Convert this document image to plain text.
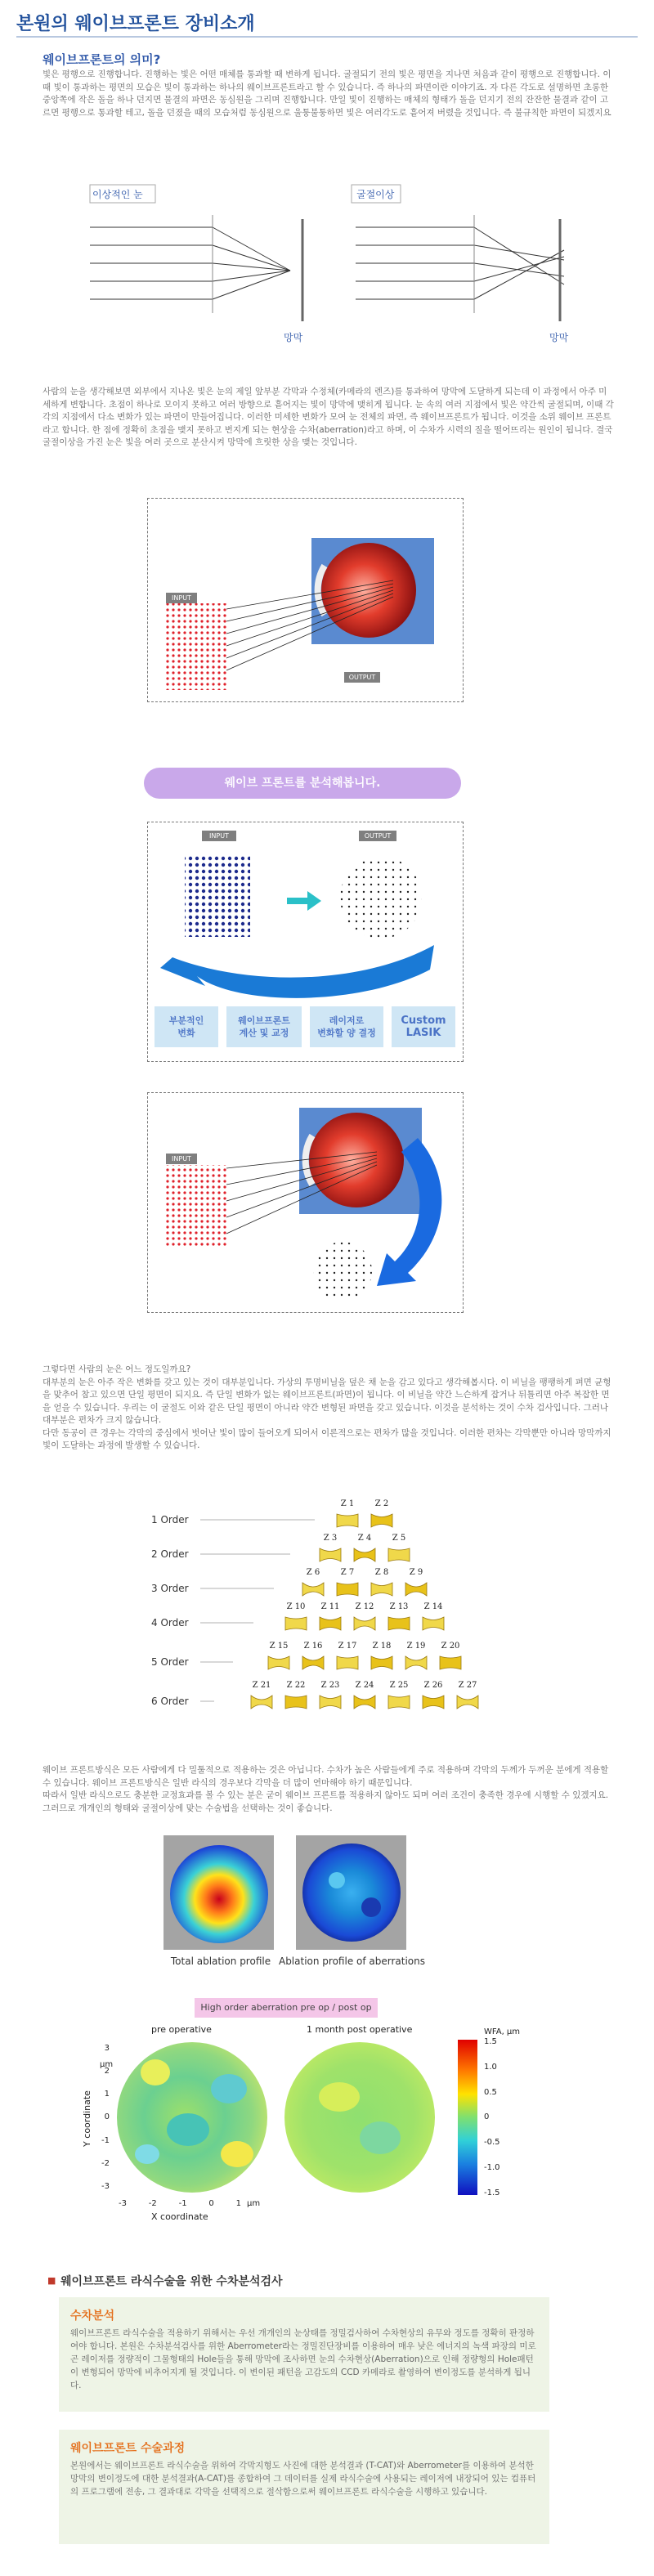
본원의 웨이브프론트 장비소개
웨이브프론트의 의미?
빛은 평행으로 진행합니다. 진행하는 빛은 어떤 매체를 통과할 때 변하게 됩니다. 굴절되기 전의 빛은 평면을 지나면 처음과 같이 평행으로 진행합니다. 이때 빛이 통과하는 평면의 모습은 빛이 통과하는 하나의 웨이브프론트라고 할 수 있습니다. 즉 하나의 파면이란 이야기죠. 자 다른 각도로 설명하면 초롱한 중앙쪽에 작은 돌을 하나 던지면 물결의 파면은 동심원을 그리며 진행합니다. 만일 빛이 진행하는 매체의 형태가 돌을 던지기 전의 잔잔한 물결과 같이 고르면 평행으로 통과할 테고, 돌을 던졌을 때의 모습처럼 동심원으로 울퉁불퉁하면 빛은 여러각도로 흩어져 버렸을 것입니다. 즉 불규칙한 파면이 되겠지요
이상적인 눈	굴절이상
망막	망막
사람의 눈을 생각해보면 외부에서 지나온 빛은 눈의 제일 앞부분 각막과 수정체(카메라의 렌즈)를 통과하여 망막에 도달하게 되는데 이 과정에서 아주 미세하게 변합니다. 초점이 하나로 모이지 못하고 여러 방향으로 흩어지는 빛이 망막에 맺히게 됩니다. 눈 속의 여러 지점에서 빛은 약간씩 굴절되며, 이때 각각의 지점에서 다소 변화가 있는 파면이 만들어집니다. 이러한 미세한 변화가 모여 눈 전체의 파면, 즉 웨이브프론트가 됩니다. 이것을 소위 웨이브 프론트라고 합니다. 한 점에 정확히 초점을 맺지 못하고 번지게 되는 현상을 수차(aberration)라고 하며, 이 수차가 시력의 질을 떨어뜨리는 원인이 됩니다. 결국 굴절이상을 가진 눈은 빛을 여러 곳으로 분산시켜 망막에 흐릿한 상을 맺는 것입니다.
INPUT
OUTPUT
웨이브 프론트를 분석해봅니다.
INPUT	OUTPUT
부분적인
변화
웨이브프론트
계산 및 교정
레이저로
변화할 양 결정
Custom
LASIK
INPUT
그렇다면 사람의 눈은 어느 정도일까요?
대부분의 눈은 아주 작은 변화를 갖고 있는 것이 대부분입니다. 가상의 투명비닐을 덮은 채 눈을 감고 있다고 생각해봅시다. 이 비닐을 팽팽하게 펴면 균형을 맞추어 참고 있으면 단일 평면이 되지요. 즉 단일 변화가 없는 웨이브프론트(파면)이 됩니다. 이 비닐을 약간 느슨하게 잡거나 뒤틀리면 아주 복잡한 면을 얻을 수 있습니다. 우리는 이 굴절도 이와 같은 단일 평면이 아니라 약간 변형된 파면을 갖고 있습니다. 이것을 분석하는 것이 수차 검사입니다. 그러나 대부분은 편차가 크지 않습니다.
다만 동공이 큰 경우는 각막의 중심에서 벗어난 빛이 많이 들어오게 되어서 이론적으로는 편차가 많을 것입니다. 이러한 편차는 각막뿐만 아니라 망막까지 빛이 도달하는 과정에 발생할 수 있습니다.
1 Order
2 Order
3 Order
4 Order
5 Order
6 Order
Z 1	Z 2
Z 3	Z 4	Z 5
Z 6	Z 7	Z 8	Z 9
Z 10	Z 11	Z 12	Z 13	Z 14
Z 15	Z 16	Z 17	Z 18	Z 19	Z 20
Z 21	Z 22	Z 23	Z 24	Z 25	Z 26	Z 27
웨이브 프론트방식은 모든 사람에게 다 밀툴적으로 적용하는 것은 아닙니다. 수차가 높은 사람들에게 주로 적용하며 각막의 두께가 두꺼운 분에게 적용할 수 있습니다. 웨이브 프론트방식은 일반 라식의 경우보다 각막을 더 많이 연마해야 하기 때문입니다.
따라서 일반 라식으로도 충분한 교정효과를 볼 수 있는 분은 굳이 웨이브 프론트를 적용하지 않아도 되며 여러 조건이 충족한 경우에 시행할 수 있겠지요. 그러므로 개개인의 형태와 굴절이상에 맞는 수술법을 선택하는 것이 좋습니다.
Total ablation profile Ablation profile of aberrations
High order aberration pre op / post op
pre operative	1 month post operative	WFA, µm
1.5
1.0
0.5
0
-0.5
-1.0
-1.5
3
2
1
0
-1
-2
-3
µm
Y coordinate
-3	-2	-1	0	1 µm
X coordinate
■ 웨이브프론트 라식수술을 위한 수차분석검사
수차분석
웨이브프론트 라식수술을 적용하기 위해서는 우선 개개인의 눈상태를 정밀검사하여 수차현상의 유무와 정도를 정확히 판정하여야 합니다. 본원은 수차분석검사를 위한 Aberrometer라는 정밀진단장비를 이용하여 매우 낮은 에너지의 녹색 파장의 미로곤 레이저를 정량적이 그물형태의 Hole들을 통해 망막에 조사하면 눈의 수차현상(Aberration)으로 인해 정량형의 Hole패턴이 변형되어 망막에 비추어지게 될 것입니다. 이 변이된 패턴을 고감도의 CCD 카메라로 촬영하여 변이정도를 분석하게 됩니다.
웨이브프론트 수술과정
본원에서는 웨이브프론트 라식수술을 위하여 각막지형도 사진에 대한 분석결과 (T-CAT)와 Aberrometer를 이용하여 분석한 망막의 변이정도에 대한 분석결과(A-CAT)를 종합하여 그 데이터를 실제 라식수술에 사용되는 레이저에 내장되어 있는 컴퓨터의 프로그램에 전송, 그 결과대로 각막을 선택적으로 절삭함으로써 웨이브프론트 라식수술을 시행하고 있습니다.
